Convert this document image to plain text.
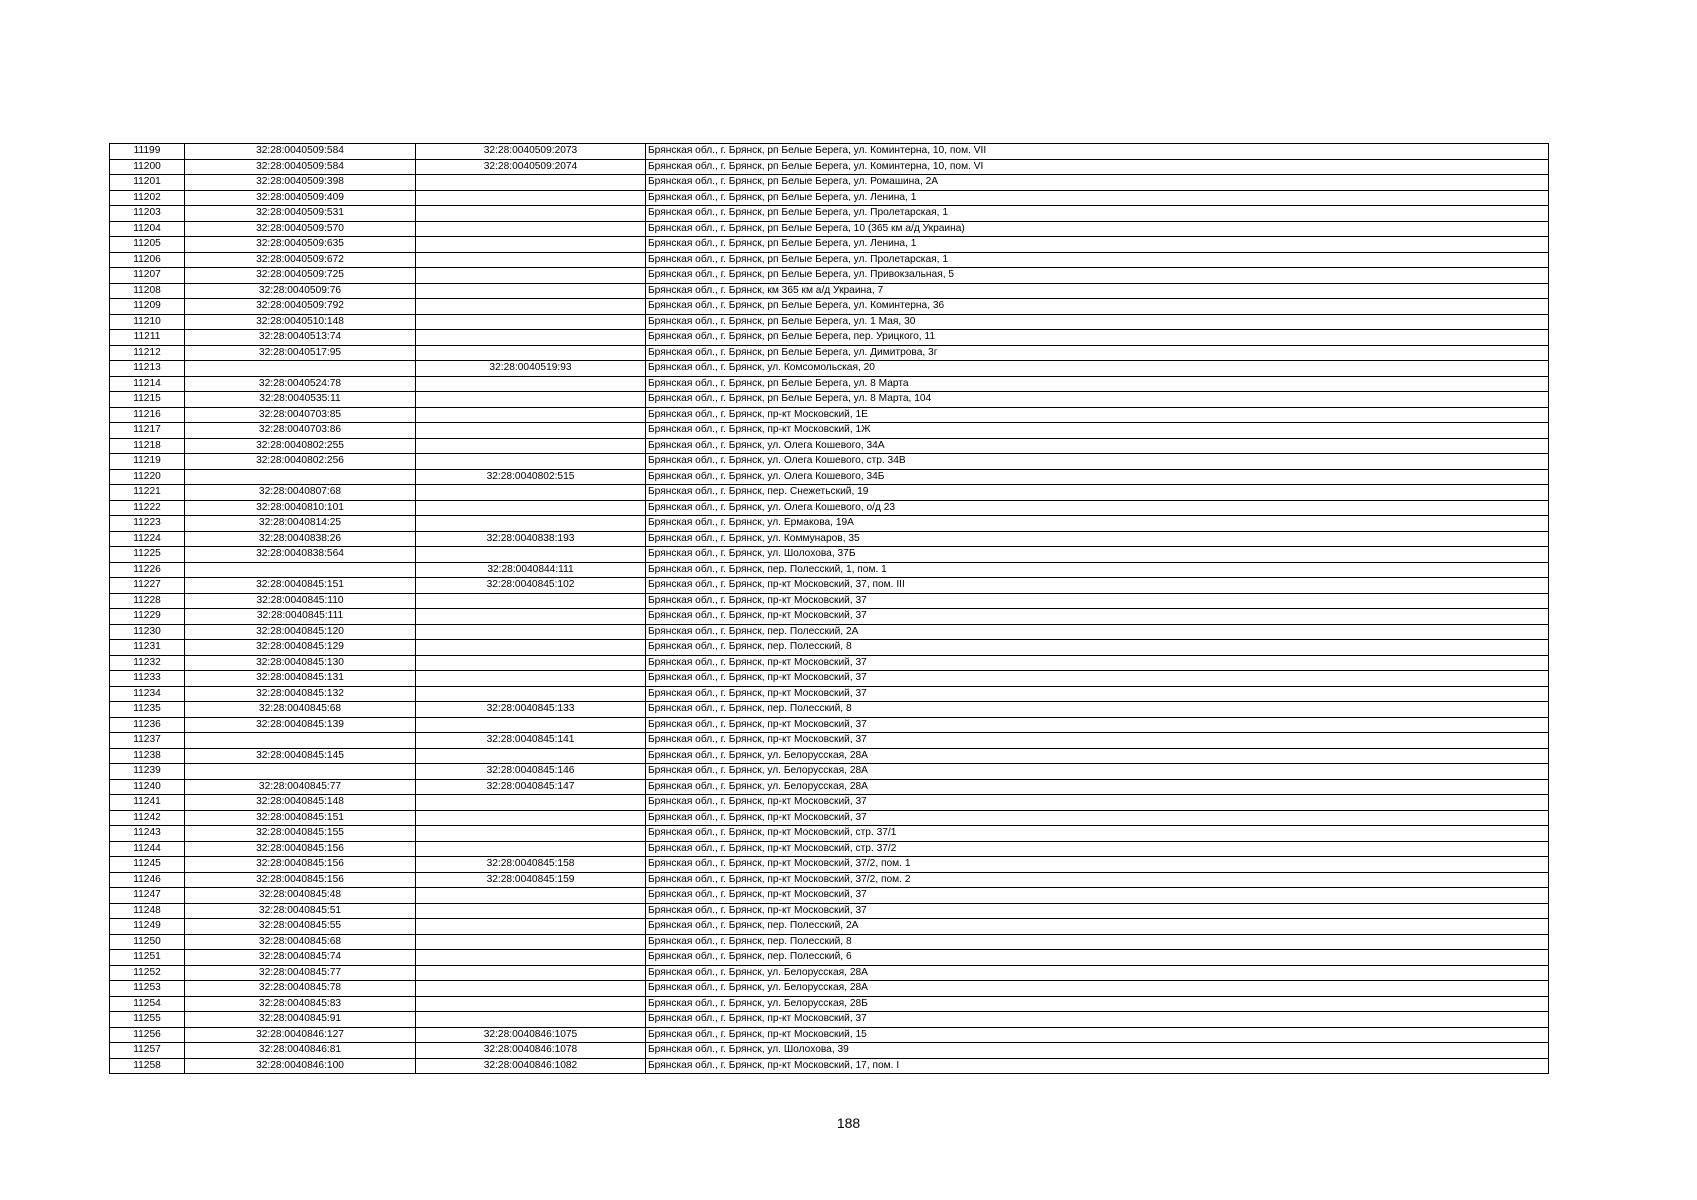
11199	32:28:0040509:584	32:28:0040509:2073	Брянская обл., г. Брянск, рп Белые Берега, ул. Коминтерна, 10, пом. VII
11200	32:28:0040509:584	32:28:0040509:2074	Брянская обл., г. Брянск, рп Белые Берега, ул. Коминтерна, 10, пом. VI
11201	32:28:0040509:398		Брянская обл., г. Брянск, рп Белые Берега, ул. Ромашина, 2А
11202	32:28:0040509:409		Брянская обл., г. Брянск, рп Белые Берега, ул. Ленина, 1
11203	32:28:0040509:531		Брянская обл., г. Брянск, рп Белые Берега, ул. Пролетарская, 1
11204	32:28:0040509:570		Брянская обл., г. Брянск, рп Белые Берега, 10 (365 км а/д Украина)
11205	32:28:0040509:635		Брянская обл., г. Брянск, рп Белые Берега, ул. Ленина, 1
11206	32:28:0040509:672		Брянская обл., г. Брянск, рп Белые Берега, ул. Пролетарская, 1
11207	32:28:0040509:725		Брянская обл., г. Брянск, рп Белые Берега, ул. Привокзальная, 5
11208	32:28:0040509:76		Брянская обл., г. Брянск, км 365 км а/д Украина, 7
11209	32:28:0040509:792		Брянская обл., г. Брянск, рп Белые Берега, ул. Коминтерна, 36
11210	32:28:0040510:148		Брянская обл., г. Брянск, рп Белые Берега, ул. 1 Мая, 30
11211	32:28:0040513:74		Брянская обл., г. Брянск, рп Белые Берега, пер. Урицкого, 11
11212	32:28:0040517:95		Брянская обл., г. Брянск, рп Белые Берега, ул. Димитрова, 3г
11213		32:28:0040519:93	Брянская обл., г. Брянск, ул. Комсомольская, 20
11214	32:28:0040524:78		Брянская обл., г. Брянск, рп Белые Берега, ул. 8 Марта
11215	32:28:0040535:11		Брянская обл., г. Брянск, рп Белые Берега, ул. 8 Марта, 104
11216	32:28:0040703:85		Брянская обл., г. Брянск, пр-кт Московский, 1Е
11217	32:28:0040703:86		Брянская обл., г. Брянск, пр-кт Московский, 1Ж
11218	32:28:0040802:255		Брянская обл., г. Брянск, ул. Олега Кошевого, 34А
11219	32:28:0040802:256		Брянская обл., г. Брянск, ул. Олега Кошевого, стр. 34В
11220		32:28:0040802:515	Брянская обл., г. Брянск, ул. Олега Кошевого, 34Б
11221	32:28:0040807:68		Брянская обл., г. Брянск, пер. Снежетьский, 19
11222	32:28:0040810:101		Брянская обл., г. Брянск, ул. Олега Кошевого, о/д 23
11223	32:28:0040814:25		Брянская обл., г. Брянск, ул. Ермакова, 19А
11224	32:28:0040838:26	32:28:0040838:193	Брянская обл., г. Брянск, ул. Коммунаров, 35
11225	32:28:0040838:564		Брянская обл., г. Брянск, ул. Шолохова, 37Б
11226		32:28:0040844:111	Брянская обл., г. Брянск, пер. Полесский, 1, пом. 1
11227	32:28:0040845:151	32:28:0040845:102	Брянская обл., г. Брянск, пр-кт Московский, 37, пом. III
11228	32:28:0040845:110		Брянская обл., г. Брянск, пр-кт Московский, 37
11229	32:28:0040845:111		Брянская обл., г. Брянск, пр-кт Московский, 37
11230	32:28:0040845:120		Брянская обл., г. Брянск, пер. Полесский, 2А
11231	32:28:0040845:129		Брянская обл., г. Брянск, пер. Полесский, 8
11232	32:28:0040845:130		Брянская обл., г. Брянск, пр-кт Московский, 37
11233	32:28:0040845:131		Брянская обл., г. Брянск, пр-кт Московский, 37
11234	32:28:0040845:132		Брянская обл., г. Брянск, пр-кт Московский, 37
11235	32:28:0040845:68	32:28:0040845:133	Брянская обл., г. Брянск, пер. Полесский, 8
11236	32:28:0040845:139		Брянская обл., г. Брянск, пр-кт Московский, 37
11237		32:28:0040845:141	Брянская обл., г. Брянск, пр-кт Московский, 37
11238	32:28:0040845:145		Брянская обл., г. Брянск, ул. Белорусская, 28А
11239		32:28:0040845:146	Брянская обл., г. Брянск, ул. Белорусская, 28А
11240	32:28:0040845:77	32:28:0040845:147	Брянская обл., г. Брянск, ул. Белорусская, 28А
11241	32:28:0040845:148		Брянская обл., г. Брянск, пр-кт Московский, 37
11242	32:28:0040845:151		Брянская обл., г. Брянск, пр-кт Московский, 37
11243	32:28:0040845:155		Брянская обл., г. Брянск, пр-кт Московский, стр. 37/1
11244	32:28:0040845:156		Брянская обл., г. Брянск, пр-кт Московский, стр. 37/2
11245	32:28:0040845:156	32:28:0040845:158	Брянская обл., г. Брянск, пр-кт Московский, 37/2, пом. 1
11246	32:28:0040845:156	32:28:0040845:159	Брянская обл., г. Брянск, пр-кт Московский, 37/2, пом. 2
11247	32:28:0040845:48		Брянская обл., г. Брянск, пр-кт Московский, 37
11248	32:28:0040845:51		Брянская обл., г. Брянск, пр-кт Московский, 37
11249	32:28:0040845:55		Брянская обл., г. Брянск, пер. Полесский, 2А
11250	32:28:0040845:68		Брянская обл., г. Брянск, пер. Полесский, 8
11251	32:28:0040845:74		Брянская обл., г. Брянск, пер. Полесский, 6
11252	32:28:0040845:77		Брянская обл., г. Брянск, ул. Белорусская, 28А
11253	32:28:0040845:78		Брянская обл., г. Брянск, ул. Белорусская, 28А
11254	32:28:0040845:83		Брянская обл., г. Брянск, ул. Белорусская, 28Б
11255	32:28:0040845:91		Брянская обл., г. Брянск, пр-кт Московский, 37
11256	32:28:0040846:127	32:28:0040846:1075	Брянская обл., г. Брянск, пр-кт Московский, 15
11257	32:28:0040846:81	32:28:0040846:1078	Брянская обл., г. Брянск, ул. Шолохова, 39
11258	32:28:0040846:100	32:28:0040846:1082	Брянская обл., г. Брянск, пр-кт Московский, 17, пом. I
188
